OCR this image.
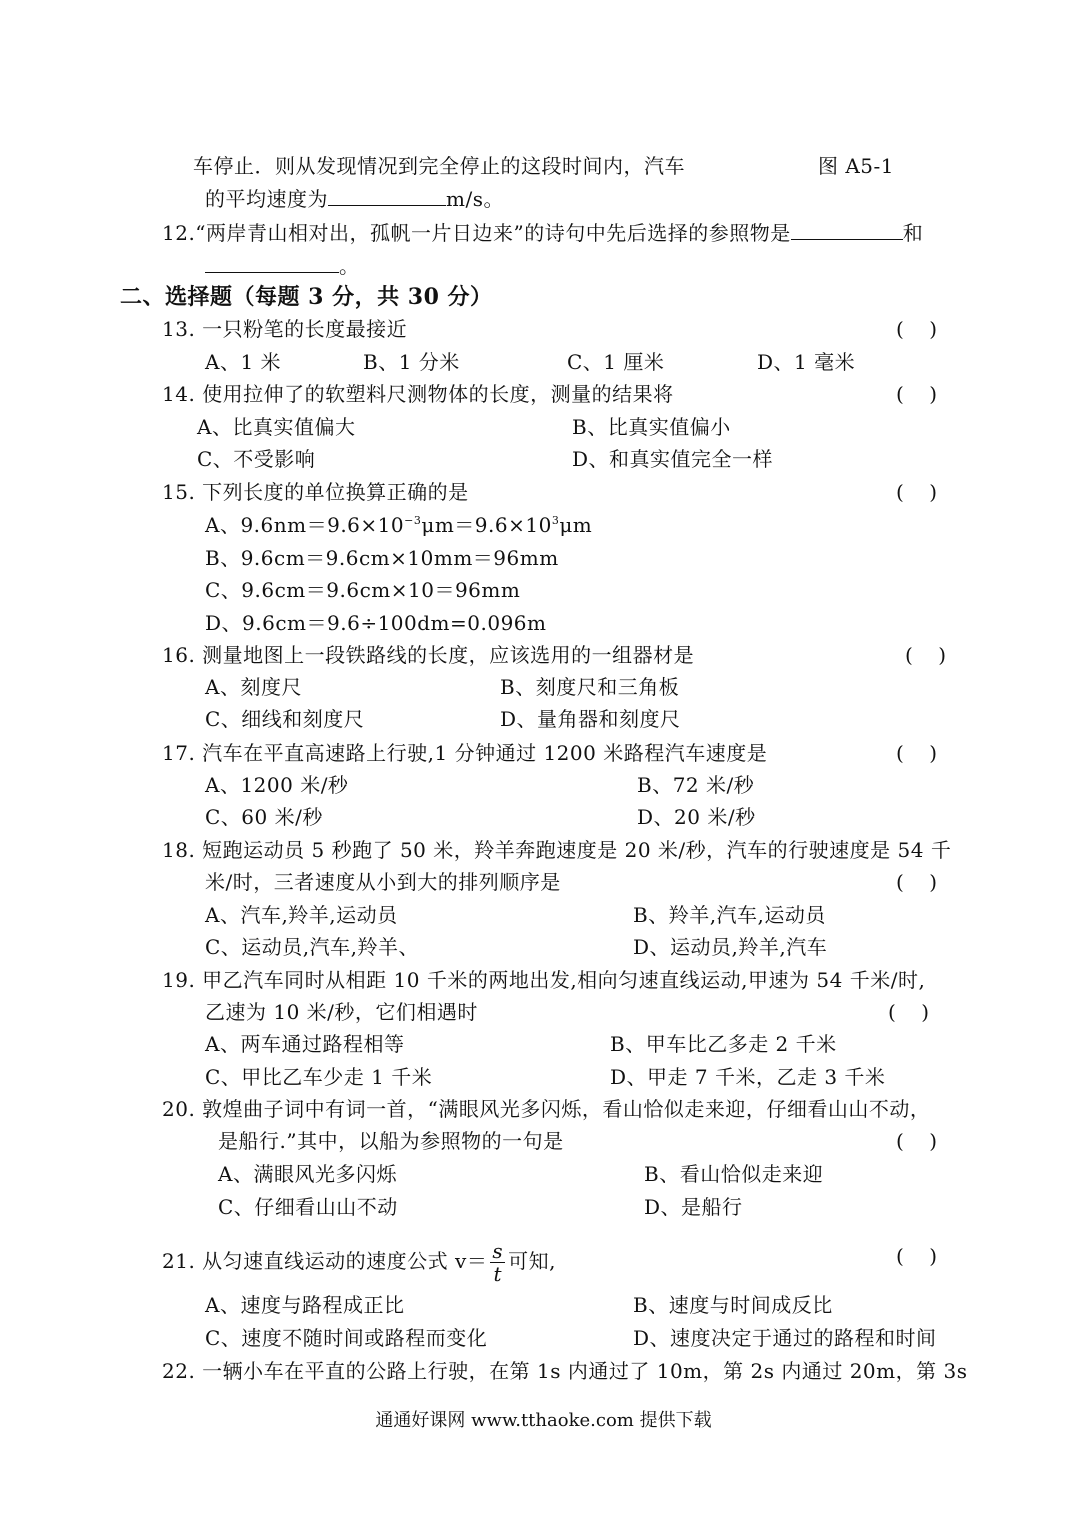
车停止．则从发现情况到完全停止的这段时间内，汽车	图 A5-1
的平均速度为	m/s。
12.“两岸青山相对出，孤帆一片日边来”的诗句中先后选择的参照物是	和
。
二、选择题（每题 3 分，共 30 分）
13. 一只粉笔的长度最接近	(    )
A、1 米	B、1 分米	C、1 厘米	D、1 毫米
14. 使用拉伸了的软塑料尺测物体的长度，测量的结果将	(    )
A、比真实值偏大	B、比真实值偏小
C、不受影响	D、和真实值完全一样
15. 下列长度的单位换算正确的是	(    )
A、$9.6nm=9.6\times 10^{-3}\mu m=9.6\times 10^3\mu m$
B、9.6cm＝9.6cm×10mm＝96mm
C、9.6cm＝9.6cm×10＝96mm
D、9.6cm＝9.6÷100dm=0.096m
16. 测量地图上一段铁路线的长度，应该选用的一组器材是	(    )
A、刻度尺	B、刻度尺和三角板
C、细线和刻度尺	D、量角器和刻度尺
17. 汽车在平直高速路上行驶,1 分钟通过 1200 米路程汽车速度是	(    )
A、1200 米/秒	B、72 米/秒
C、60 米/秒	D、20 米/秒
18. 短跑运动员 5 秒跑了 50 米，羚羊奔跑速度是 20 米/秒，汽车的行驶速度是 54 千
米/时，三者速度从小到大的排列顺序是	(    )
A、汽车,羚羊,运动员	B、羚羊,汽车,运动员
C、运动员,汽车,羚羊、	D、运动员,羚羊,汽车
19. 甲乙汽车同时从相距 10 千米的两地出发,相向匀速直线运动,甲速为 54 千米/时,
乙速为 10 米/秒，它们相遇时	(    )
A、两车通过路程相等	B、甲车比乙多走 2 千米
C、甲比乙车少走 1 千米	D、甲走 7 千米，乙走 3 千米
20. 敦煌曲子词中有词一首，“满眼风光多闪烁，看山恰似走来迎，仔细看山山不动，
是船行.”其中，以船为参照物的一句是	(    )
A、满眼风光多闪烁	B、看山恰似走来迎
C、仔细看山山不动	D、是船行
21. 从匀速直线运动的速度公式 $v= \frac{s}{t}$ 可知,	(    )
A、速度与路程成正比	B、速度与时间成反比
C、速度不随时间或路程而变化	D、速度决定于通过的路程和时间
22. 一辆小车在平直的公路上行驶，在第 1s 内通过了 10m，第 2s 内通过 20m，第 3s
通通好课网 www.tthaoke.com 提供下载
